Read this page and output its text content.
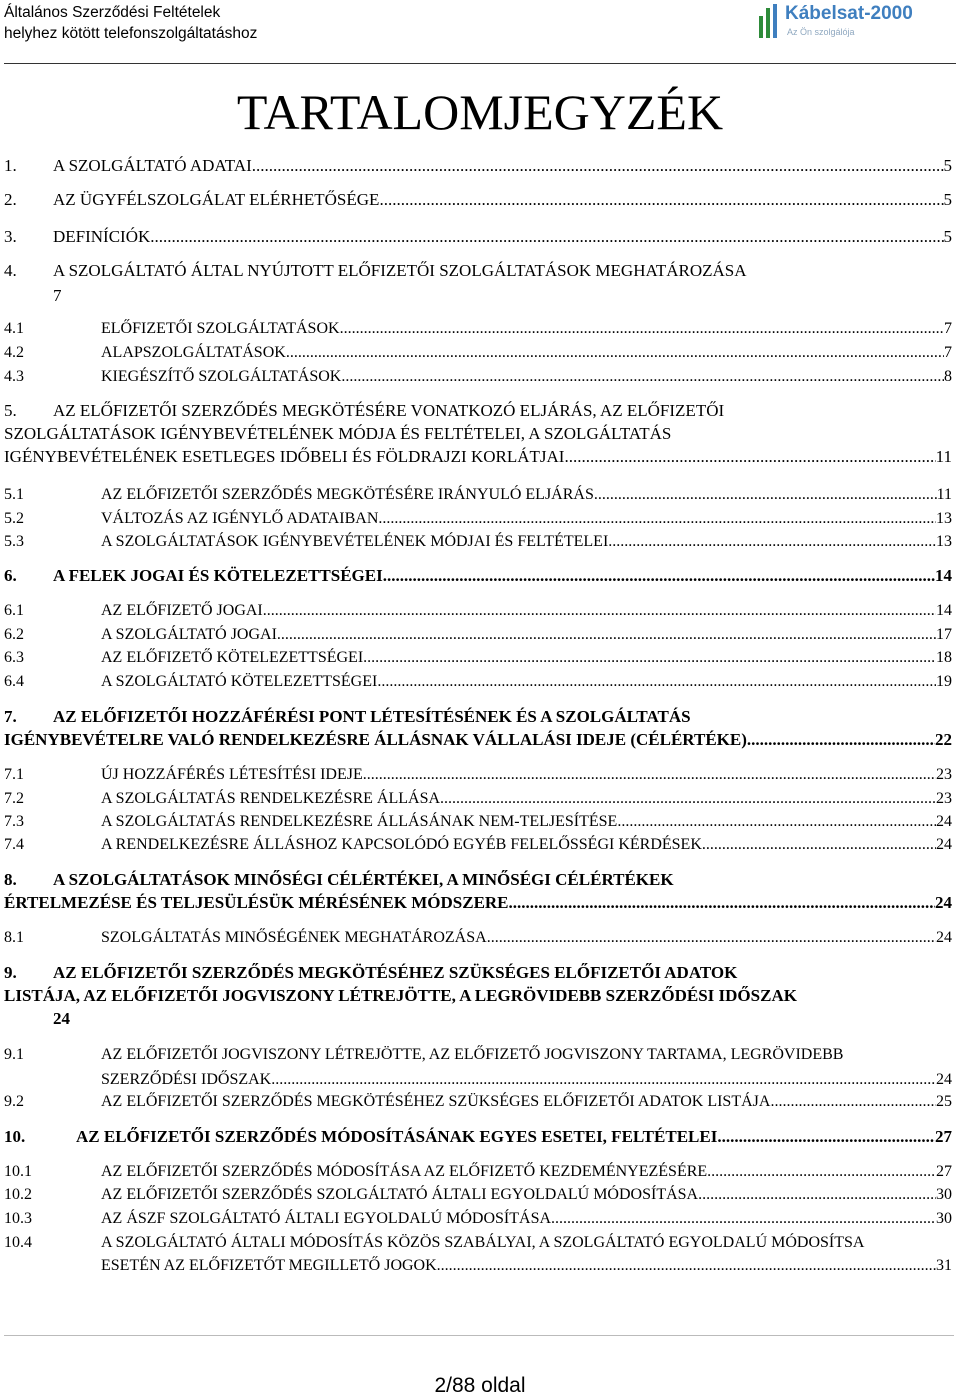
Általános Szerződési Feltételek
helyhez kötött telefonszolgáltatáshoz
Kábelsat-2000
Az Ön szolgálója
TARTALOMJEGYZÉK
1. A SZOLGÁLTATÓ ADATAI .....	5
2. AZ ÜGYFÉLSZOLGÁLAT ELÉRHETŐSÉGE .....	5
3. DEFINÍCIÓK .....	5
4.	A SZOLGÁLTATÓ ÁLTAL NYÚJTOTT ELŐFIZETŐI SZOLGÁLTATÁSOK MEGHATÁROZÁSA
7
4.1	ELŐFIZETŐI SZOLGÁLTATÁSOK .....	7
4.2	ALAPSZOLGÁLTATÁSOK .....	7
4.3	KIEGÉSZÍTŐ SZOLGÁLTATÁSOK .....	8
5.	AZ ELŐFIZETŐI SZERZŐDÉS MEGKÖTÉSÉRE VONATKOZÓ ELJÁRÁS, AZ ELŐFIZETŐI
SZOLGÁLTATÁSOK IGÉNYBEVÉTELÉNEK MÓDJA ÉS FELTÉTELEI, A SZOLGÁLTATÁS
IGÉNYBEVÉTELÉNEK ESETLEGES IDŐBELI ÉS FÖLDRAJZI KORLÁTJAI .....	11
5.1	AZ ELŐFIZETŐI SZERZŐDÉS MEGKÖTÉSÉRE IRÁNYULÓ ELJÁRÁS .....	11
5.2	VÁLTOZÁS AZ IGÉNYLŐ ADATAIBAN .....	13
5.3	A SZOLGÁLTATÁSOK IGÉNYBEVÉTELÉNEK MÓDJAI ÉS FELTÉTELEI .....	13
6. A FELEK JOGAI ÉS KÖTELEZETTSÉGEI .....	14
6.1	AZ ELŐFIZETŐ JOGAI .....	14
6.2	A SZOLGÁLTATÓ JOGAI .....	17
6.3	AZ ELŐFIZETŐ KÖTELEZETTSÉGEI .....	18
6.4	A SZOLGÁLTATÓ KÖTELEZETTSÉGEI .....	19
7.	AZ ELŐFIZETŐI HOZZÁFÉRÉSI PONT LÉTESÍTÉSÉNEK ÉS A SZOLGÁLTATÁS
IGÉNYBEVÉTELRE VALÓ RENDELKEZÉSRE ÁLLÁSNAK VÁLLALÁSI IDEJE (CÉLÉRTÉKE) .....	22
7.1	ÚJ HOZZÁFÉRÉS LÉTESÍTÉSI IDEJE .....	23
7.2	A SZOLGÁLTATÁS RENDELKEZÉSRE ÁLLÁSA .....	23
7.3	A SZOLGÁLTATÁS RENDELKEZÉSRE ÁLLÁSÁNAK NEM-TELJESÍTÉSE .....	24
7.4	A RENDELKEZÉSRE ÁLLÁSHOZ KAPCSOLÓDÓ EGYÉB FELELŐSSÉGI KÉRDÉSEK .....	24
8.	A SZOLGÁLTATÁSOK MINŐSÉGI CÉLÉRTÉKEI, A MINŐSÉGI CÉLÉRTÉKEK
ÉRTELMEZÉSE ÉS TELJESÜLÉSÜK MÉRÉSÉNEK MÓDSZERE .....	24
8.1	SZOLGÁLTATÁS MINŐSÉGÉNEK MEGHATÁROZÁSA .....	24
9.	AZ ELŐFIZETŐI SZERZŐDÉS MEGKÖTÉSÉHEZ SZÜKSÉGES ELŐFIZETŐI ADATOK
LISTÁJA, AZ ELŐFIZETŐI JOGVISZONY LÉTREJÖTTE, A LEGRÖVIDEBB SZERZŐDÉSI IDŐSZAK
24
9.1	AZ ELŐFIZETŐI JOGVISZONY LÉTREJÖTTE, AZ ELŐFIZETŐ JOGVISZONY TARTAMA, LEGRÖVIDEBB
SZERZŐDÉSI IDŐSZAK .....	24
9.2	AZ ELŐFIZETŐI SZERZŐDÉS MEGKÖTÉSÉHEZ SZÜKSÉGES ELŐFIZETŐI ADATOK LISTÁJA .....	25
10.	AZ ELŐFIZETŐI SZERZŐDÉS MÓDOSÍTÁSÁNAK EGYES ESETEI, FELTÉTELEI .....	27
10.1	AZ ELŐFIZETŐI SZERZŐDÉS MÓDOSÍTÁSA AZ ELŐFIZETŐ KEZDEMÉNYEZÉSÉRE .....	27
10.2	AZ ELŐFIZETŐI SZERZŐDÉS SZOLGÁLTATÓ ÁLTALI EGYOLDALÚ MÓDOSÍTÁSA .....	30
10.3	AZ ÁSZF SZOLGÁLTATÓ ÁLTALI EGYOLDALÚ MÓDOSÍTÁSA .....	30
10.4	A SZOLGÁLTATÓ ÁLTALI MÓDOSÍTÁS KÖZÖS SZABÁLYAI, A SZOLGÁLTATÓ EGYOLDALÚ MÓDOSÍTSA
ESETÉN AZ ELŐFIZETŐT MEGILLETŐ JOGOK .....	31
2/88 oldal
